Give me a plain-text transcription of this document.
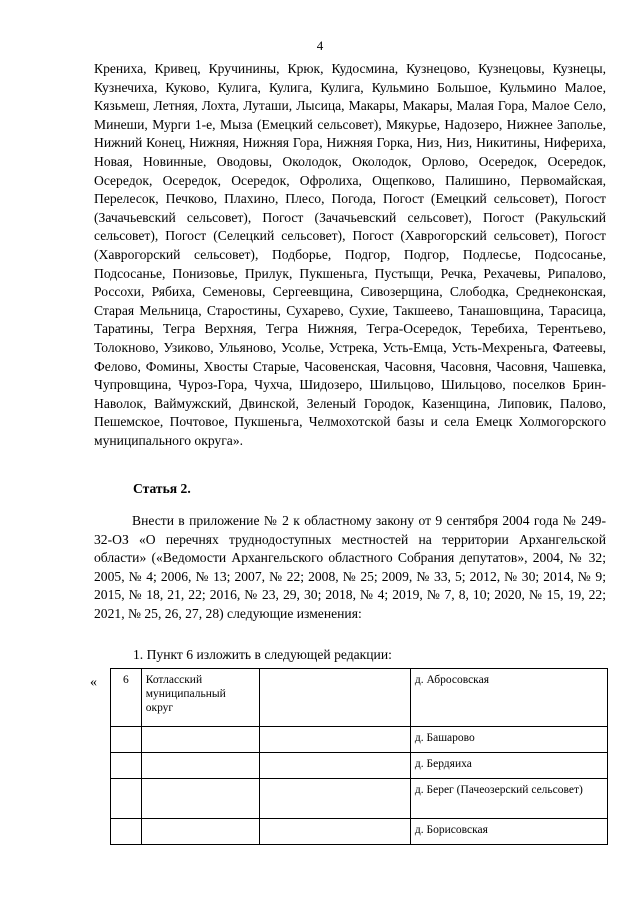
4

Крениха, Кривец, Кручинины, Крюк, Кудосмина, Кузнецово, Кузнецовы, Кузнецы, Кузнечиха, Куково, Кулига, Кулига, Кулига, Кульмино Большое, Кульмино Малое, Кязьмеш, Летняя, Лохта, Луташи, Лысица, Макары, Макары, Малая Гора, Малое Село, Минеши, Мурги 1-е, Мыза (Емецкий сельсовет), Мякурье, Надозеро, Нижнее Заполье, Нижний Конец, Нижняя, Нижняя Гора, Нижняя Горка, Низ, Низ, Никитины, Нифериха, Новая, Новинные, Оводовы, Околодок, Околодок, Орлово, Осередок, Осередок, Осередок, Осередок, Осередок, Офролиха, Ощепково, Палишино, Первомайская, Перелесок, Печково, Плахино, Плесо, Погода, Погост (Емецкий сельсовет), Погост (Зачачьевский сельсовет), Погост (Зачачьевский сельсовет), Погост (Ракульский сельсовет), Погост (Селецкий сельсовет), Погост (Хаврогорский сельсовет), Погост (Хаврогорский сельсовет), Подборье, Подгор, Подгор, Подлесье, Подсосанье, Подсосанье, Понизовье, Прилук, Пукшеньга, Пустыщи, Речка, Рехачевы, Рипалово, Россохи, Рябиха, Семеновы, Сергеевщина, Сивозерщина, Слободка, Среднеконская, Старая Мельница, Старостины, Сухарево, Сухие, Такшеево, Танашовщина, Тарасица, Таратины, Тегра Верхняя, Тегра Нижняя, Тегра-Осередок, Теребиха, Терентьево, Толокново, Узиково, Ульяново, Усолье, Устрека, Усть-Емца, Усть-Мехреньга, Фатеевы, Фелово, Фомины, Хвосты Старые, Часовенская, Часовня, Часовня, Часовня, Чашевка, Чупровщина, Чуроз-Гора, Чухча, Шидозеро, Шильцово, Шильцово, поселков Брин-Наволок, Ваймужский, Двинской, Зеленый Городок, Казенщина, Липовик, Палово, Пешемское, Почтовое, Пукшеньга, Челмохотской базы и села Емецк Холмогорского муниципального округа».

Статья 2.
Внести в приложение № 2 к областному закону от 9 сентября 2004 года № 249-32-ОЗ «О перечнях труднодоступных местностей на территории Архангельской области» («Ведомости Архангельского областного Собрания депутатов», 2004, № 32; 2005, № 4; 2006, № 13; 2007, № 22; 2008, № 25; 2009, № 33, 5; 2012, № 30; 2014, № 9; 2015, № 18, 21, 22; 2016, № 23, 29, 30; 2018, № 4; 2019, № 7, 8, 10; 2020, № 15, 19, 22; 2021, № 25, 26, 27, 28) следующие изменения:
1. Пункт 6 изложить в следующей редакции:
« 6	Котласский муниципальный округ		д. Абросовская
			д. Башарово
			д. Бердяиха
			д. Берег (Пачеозерский сельсовет)
			д. Борисовская
